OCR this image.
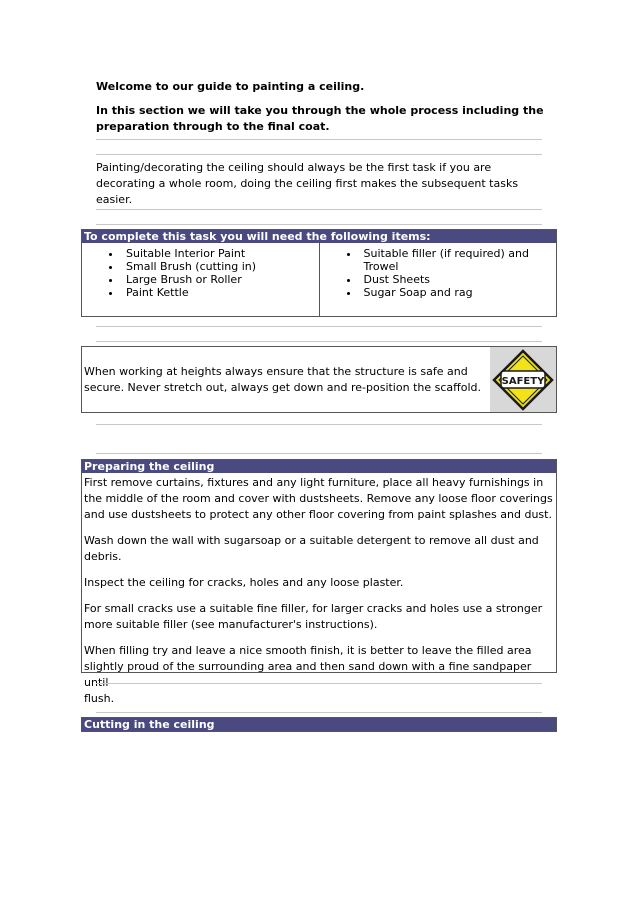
Welcome to our guide to painting a ceiling.
In this section we will take you through the whole process including the
preparation through to the final coat.
Painting/decorating the ceiling should always be the first task if you are
decorating a whole room, doing the ceiling first makes the subsequent tasks
easier.
To complete this task you will need the following items:
• Suitable Interior Paint
• Small Brush (cutting in)
• Large Brush or Roller
• Paint Kettle
• Suitable filler (if required) and
Trowel
• Dust Sheets
• Sugar Soap and rag
When working at heights always ensure that the structure is safe and
secure. Never stretch out, always get down and re-position the scaffold. SAFETY
Preparing the ceiling

First remove curtains, fixtures and any light furniture, place all heavy furnishings in
the middle of the room and cover with dustsheets. Remove any loose floor coverings
and use dustsheets to protect any other floor covering from paint splashes and dust.

Wash down the wall with sugarsoap or a suitable detergent to remove all dust and
debris.

Inspect the ceiling for cracks, holes and any loose plaster.

For small cracks use a suitable fine filler, for larger cracks and holes use a stronger
more suitable filler (see manufacturer's instructions).

When filling try and leave a nice smooth finish, it is better to leave the filled area
slightly proud of the surrounding area and then sand down with a fine sandpaper until
flush.

Cutting in the ceiling
